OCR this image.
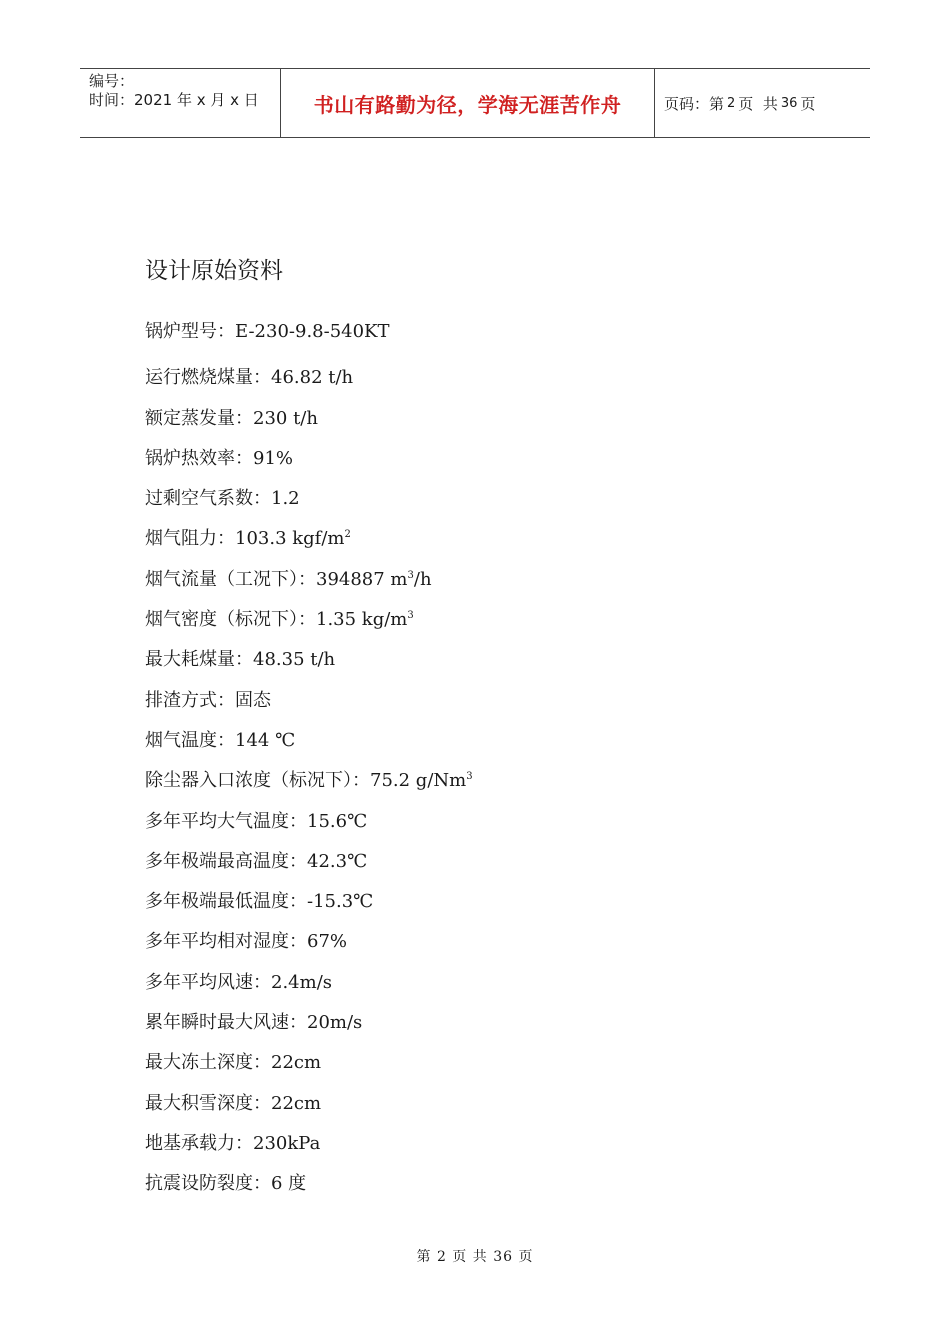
编号：
时间：2021 年 x 月 x 日	书山有路勤为径，学海无涯苦作舟	页码：第 2 页  共 36 页
设计原始资料
锅炉型号：E-230-9.8-540KT
运行燃烧煤量：46.82 t/h
额定蒸发量：230 t/h
锅炉热效率：91%
过剩空气系数：1.2
烟气阻力：103.3 kgf/$m^2$
烟气流量（工况下）：394887 $m^3/h$
烟气密度（标况下）：1.35 $kg/m^3$
最大耗煤量：48.35 t/h
排渣方式：固态
烟气温度：144 ℃
除尘器入口浓度（标况下）：75.2 g/Nm$^3$
多年平均大气温度：15.6℃
多年极端最高温度：42.3℃
多年极端最低温度：-15.3℃
多年平均相对湿度：67%
多年平均风速：2.4m/s
累年瞬时最大风速：20m/s
最大冻土深度：22cm
最大积雪深度：22cm
地基承载力：230kPa
抗震设防裂度：6 度
第 2 页 共 36 页
